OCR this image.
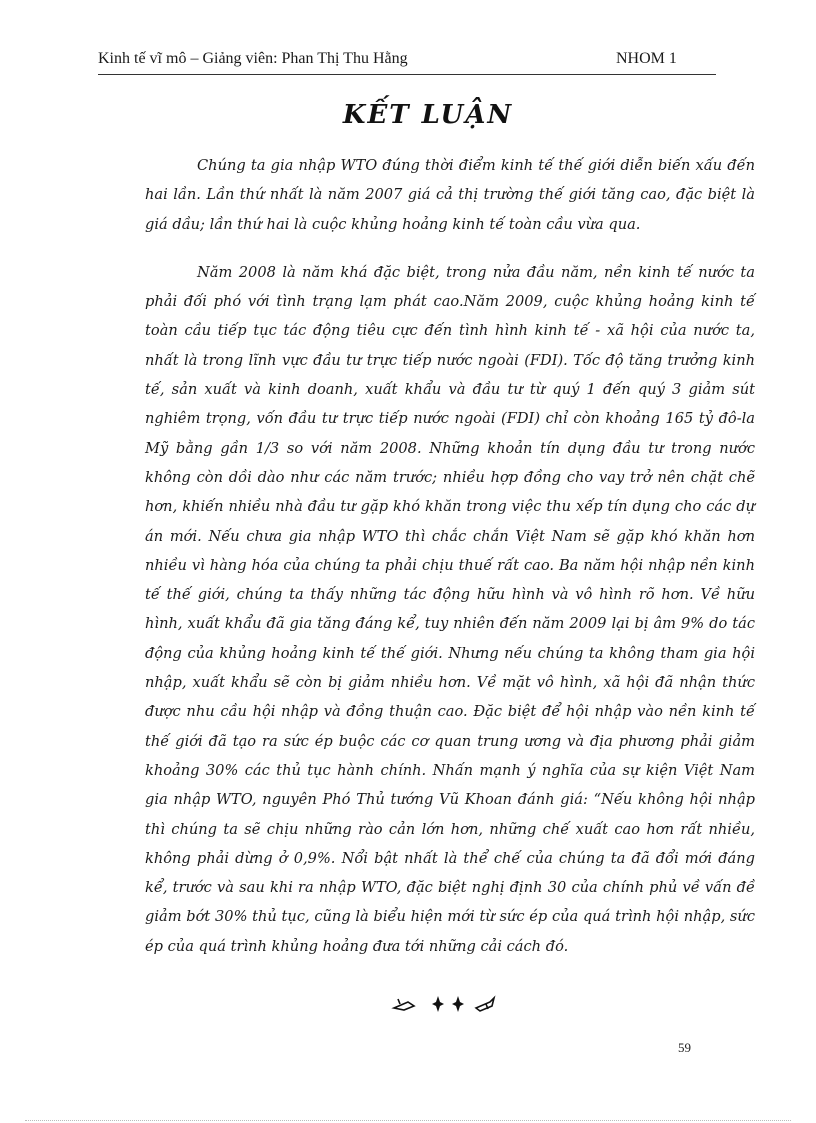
Kinh tế vĩ mô – Giảng viên: Phan Thị Thu Hằng	NHOM 1
KẾT LUẬN

Chúng ta gia nhập WTO đúng thời điểm kinh tế thế giới diễn biến xấu đến hai lần. Lần thứ nhất là năm 2007 giá cả thị trường thế giới tăng cao, đặc biệt là giá dầu; lần thứ hai là cuộc khủng hoảng kinh tế toàn cầu vừa qua.

Năm 2008 là năm khá đặc biệt, trong nửa đầu năm, nền kinh tế nước ta phải đối phó với tình trạng lạm phát cao.Năm 2009, cuộc khủng hoảng kinh tế toàn cầu tiếp tục tác động tiêu cực đến tình hình kinh tế - xã hội của nước ta, nhất là trong lĩnh vực đầu tư trực tiếp nước ngoài (FDI). Tốc độ tăng trưởng kinh tế, sản xuất và kinh doanh, xuất khẩu và đầu tư từ quý 1 đến quý 3 giảm sút nghiêm trọng, vốn đầu tư trực tiếp nước ngoài (FDI) chỉ còn khoảng 165 tỷ đô-la Mỹ bằng gần 1/3 so với năm 2008. Những khoản tín dụng đầu tư trong nước không còn dồi dào như các năm trước; nhiều hợp đồng cho vay trở nên chặt chẽ hơn, khiến nhiều nhà đầu tư gặp khó khăn trong việc thu xếp tín dụng cho các dự án mới. Nếu chưa gia nhập WTO thì chắc chắn Việt Nam sẽ gặp khó khăn hơn nhiều vì hàng hóa của chúng ta phải chịu thuế rất cao. Ba năm hội nhập nền kinh tế thế giới, chúng ta thấy những tác động hữu hình và vô hình rõ hơn. Về hữu hình, xuất khẩu đã gia tăng đáng kể, tuy nhiên đến năm 2009 lại bị âm 9% do tác động của khủng hoảng kinh tế thế giới. Nhưng nếu chúng ta không tham gia hội nhập, xuất khẩu sẽ còn bị giảm nhiều hơn. Về mặt vô hình, xã hội đã nhận thức được nhu cầu hội nhập và đồng thuận cao. Đặc biệt để hội nhập vào nền kinh tế thế giới đã tạo ra sức ép buộc các cơ quan trung ương và địa phương phải giảm khoảng 30% các thủ tục hành chính. Nhấn mạnh ý nghĩa của sự kiện Việt Nam gia nhập WTO, nguyên Phó Thủ tướng Vũ Khoan đánh giá: “Nếu không hội nhập thì chúng ta sẽ chịu những rào cản lớn hơn, những chế xuất cao hơn rất nhiều, không phải dừng ở 0,9%. Nổi bật nhất là thể chế của chúng ta đã đổi mới đáng kể, trước và sau khi ra nhập WTO, đặc biệt nghị định 30 của chính phủ về vấn đề giảm bớt 30% thủ tục, cũng là biểu hiện mới từ sức ép của quá trình hội nhập, sức ép của quá trình khủng hoảng đưa tới những cải cách đó.

59
